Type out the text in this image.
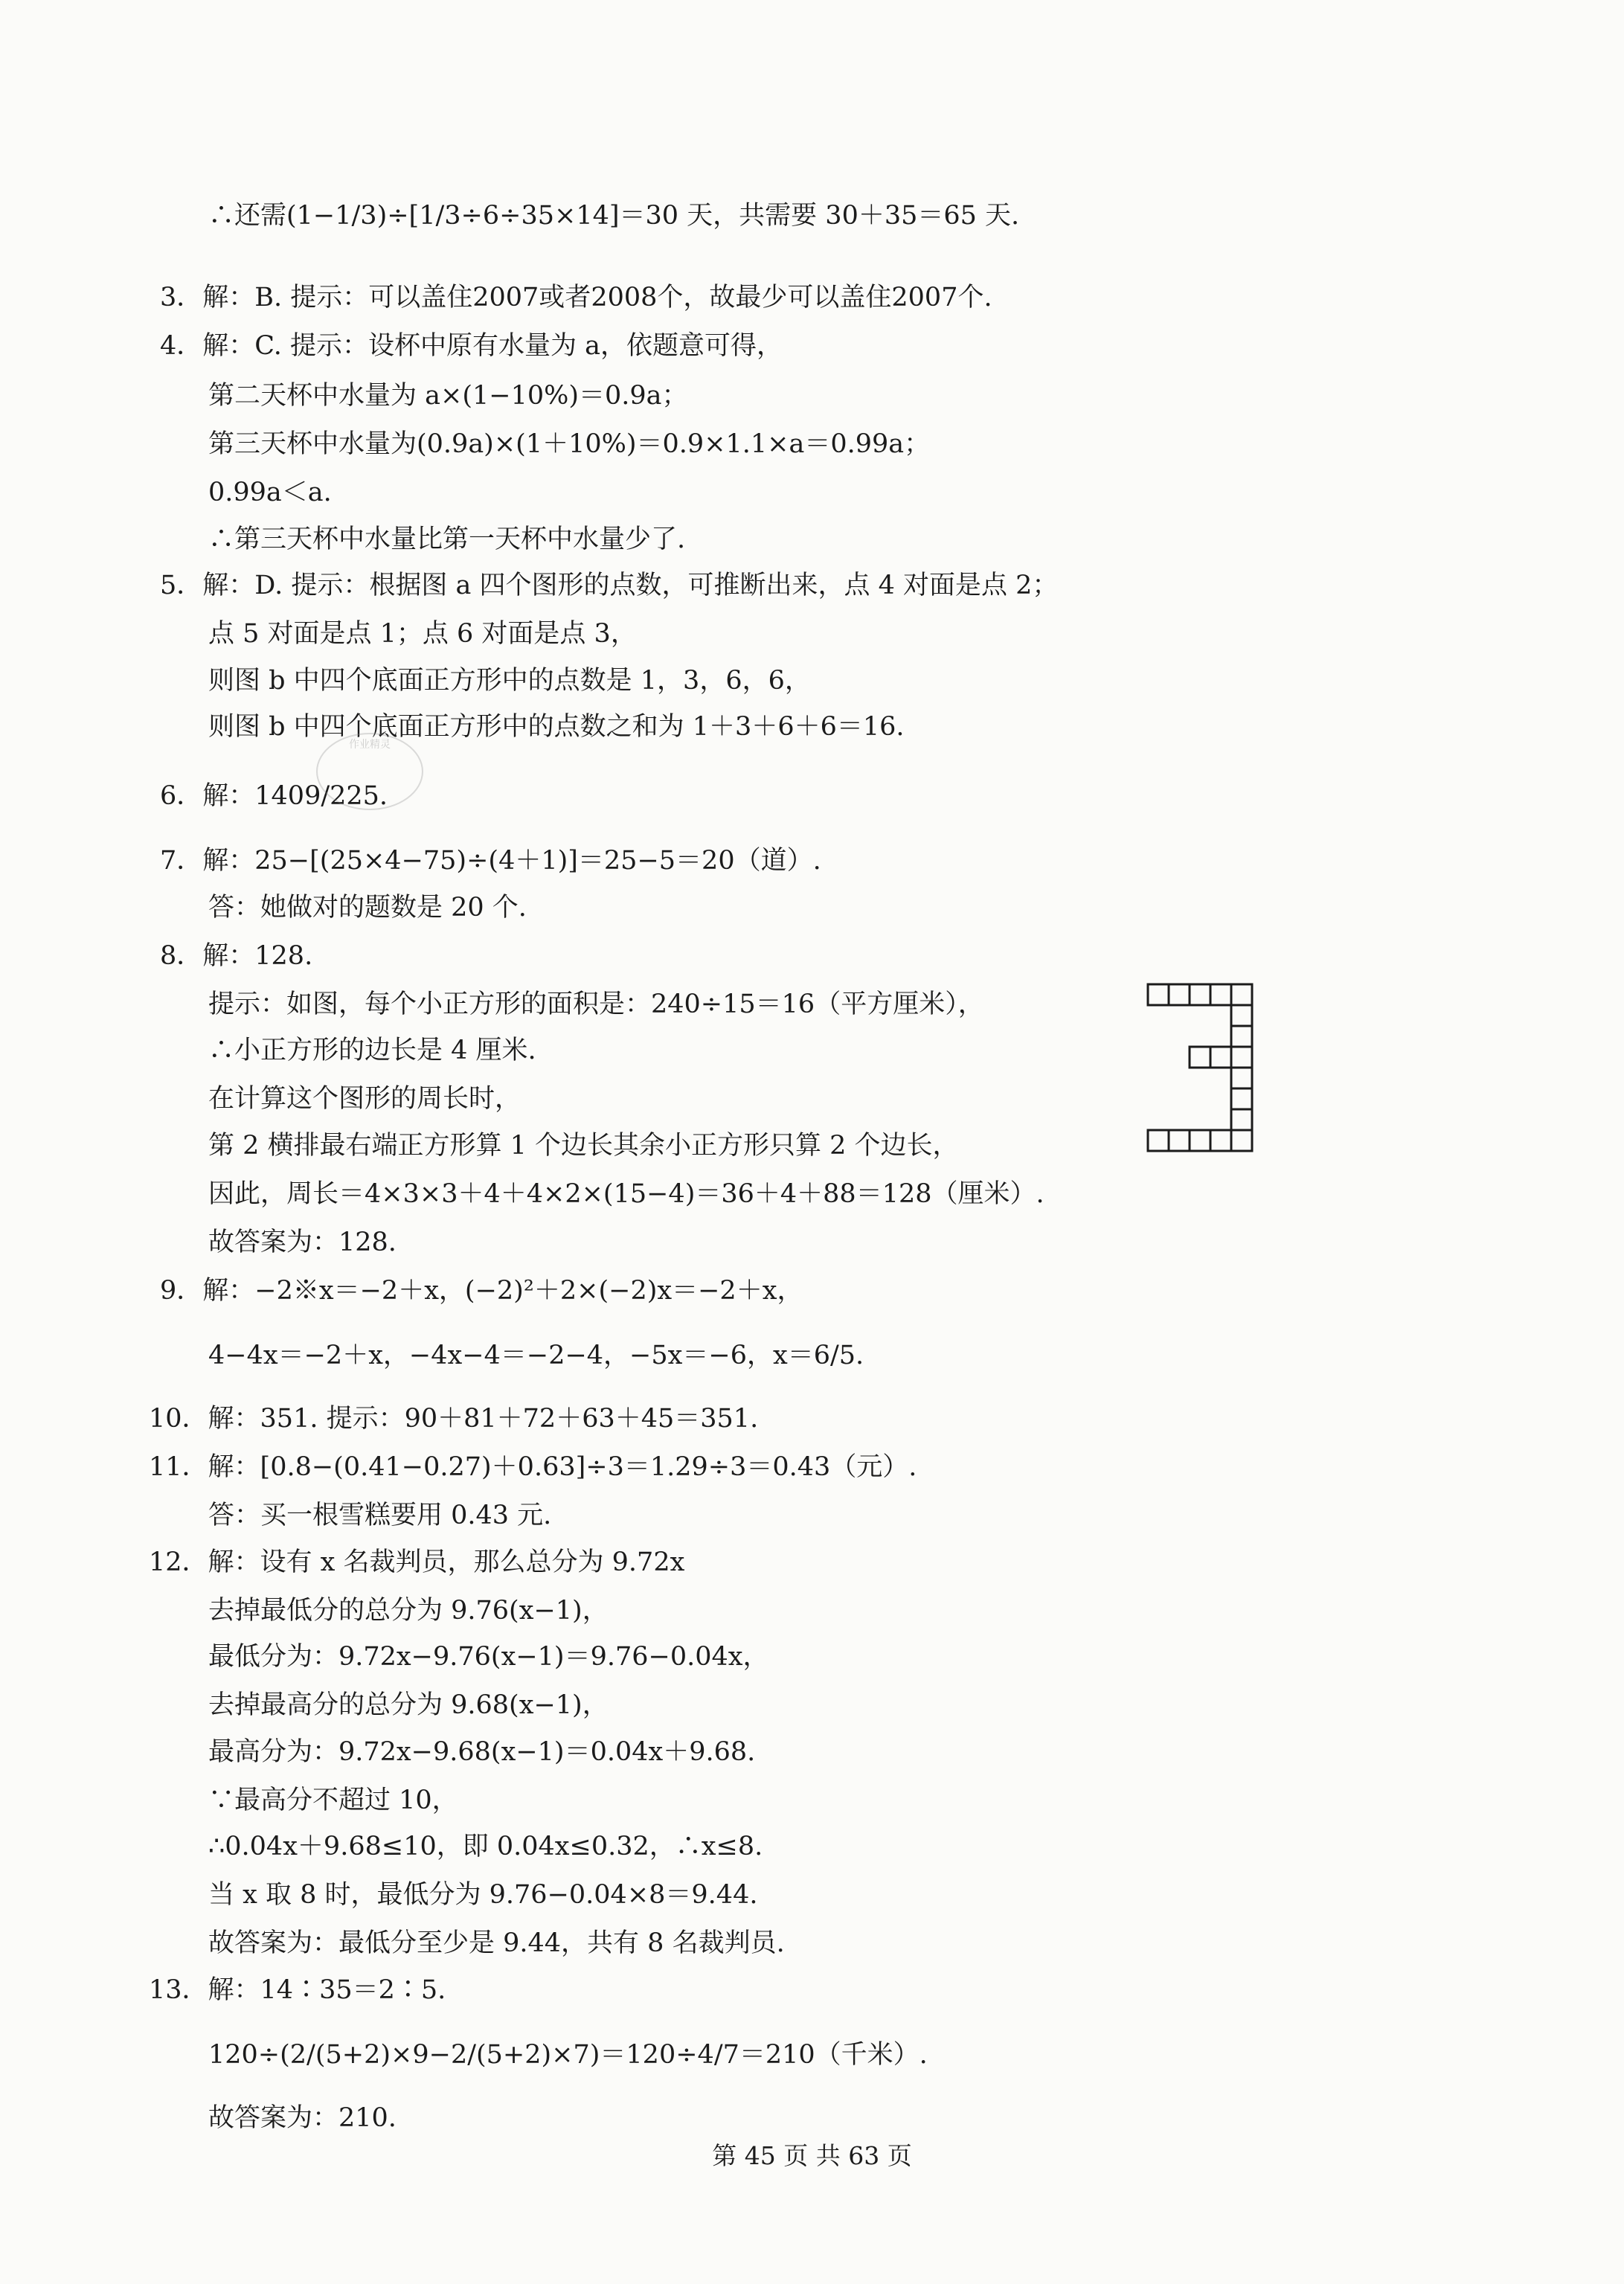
∴还需(1−1/3)÷[1/3÷6÷35×14]＝30 天，共需要 30＋35＝65 天.
3．解：B. 提示：可以盖住2007或者2008个，故最少可以盖住2007个.
4．解：C. 提示：设杯中原有水量为 a，依题意可得，
第二天杯中水量为 a×(1−10%)＝0.9a；
第三天杯中水量为(0.9a)×(1＋10%)＝0.9×1.1×a＝0.99a；
0.99a＜a.
∴第三天杯中水量比第一天杯中水量少了.
5．解：D. 提示：根据图 a 四个图形的点数，可推断出来，点 4 对面是点 2；
点 5 对面是点 1；点 6 对面是点 3，
则图 b 中四个底面正方形中的点数是 1，3，6，6，
则图 b 中四个底面正方形中的点数之和为 1＋3＋6＋6＝16.
6．解：1409/225.
7．解：25−[(25×4−75)÷(4＋1)]＝25−5＝20（道）.
答：她做对的题数是 20 个.
8．解：128.
提示：如图，每个小正方形的面积是：240÷15＝16（平方厘米），
∴小正方形的边长是 4 厘米.
在计算这个图形的周长时，
第 2 横排最右端正方形算 1 个边长其余小正方形只算 2 个边长，
因此，周长＝4×3×3＋4＋4×2×(15−4)＝36＋4＋88＝128（厘米）.
故答案为：128.
9．解：−2※x＝−2＋x，(−2)²＋2×(−2)x＝−2＋x，
4−4x＝−2＋x，−4x−4＝−2−4，−5x＝−6，x＝6/5.
10．解：351. 提示：90＋81＋72＋63＋45＝351.
11．解：[0.8−(0.41−0.27)＋0.63]÷3＝1.29÷3＝0.43（元）.
答：买一根雪糕要用 0.43 元.
12．解：设有 x 名裁判员，那么总分为 9.72x
去掉最低分的总分为 9.76(x−1)，
最低分为：9.72x−9.76(x−1)＝9.76−0.04x，
去掉最高分的总分为 9.68(x−1)，
最高分为：9.72x−9.68(x−1)＝0.04x＋9.68.
∵最高分不超过 10，
∴0.04x＋9.68≤10，即 0.04x≤0.32，∴x≤8.
当 x 取 8 时，最低分为 9.76−0.04×8＝9.44.
故答案为：最低分至少是 9.44，共有 8 名裁判员.
13．解：14∶35＝2∶5.
120÷(2/(5+2)×9−2/(5+2)×7)＝120÷4/7＝210（千米）.
故答案为：210.
作业精灵
第 45 页 共 63 页
